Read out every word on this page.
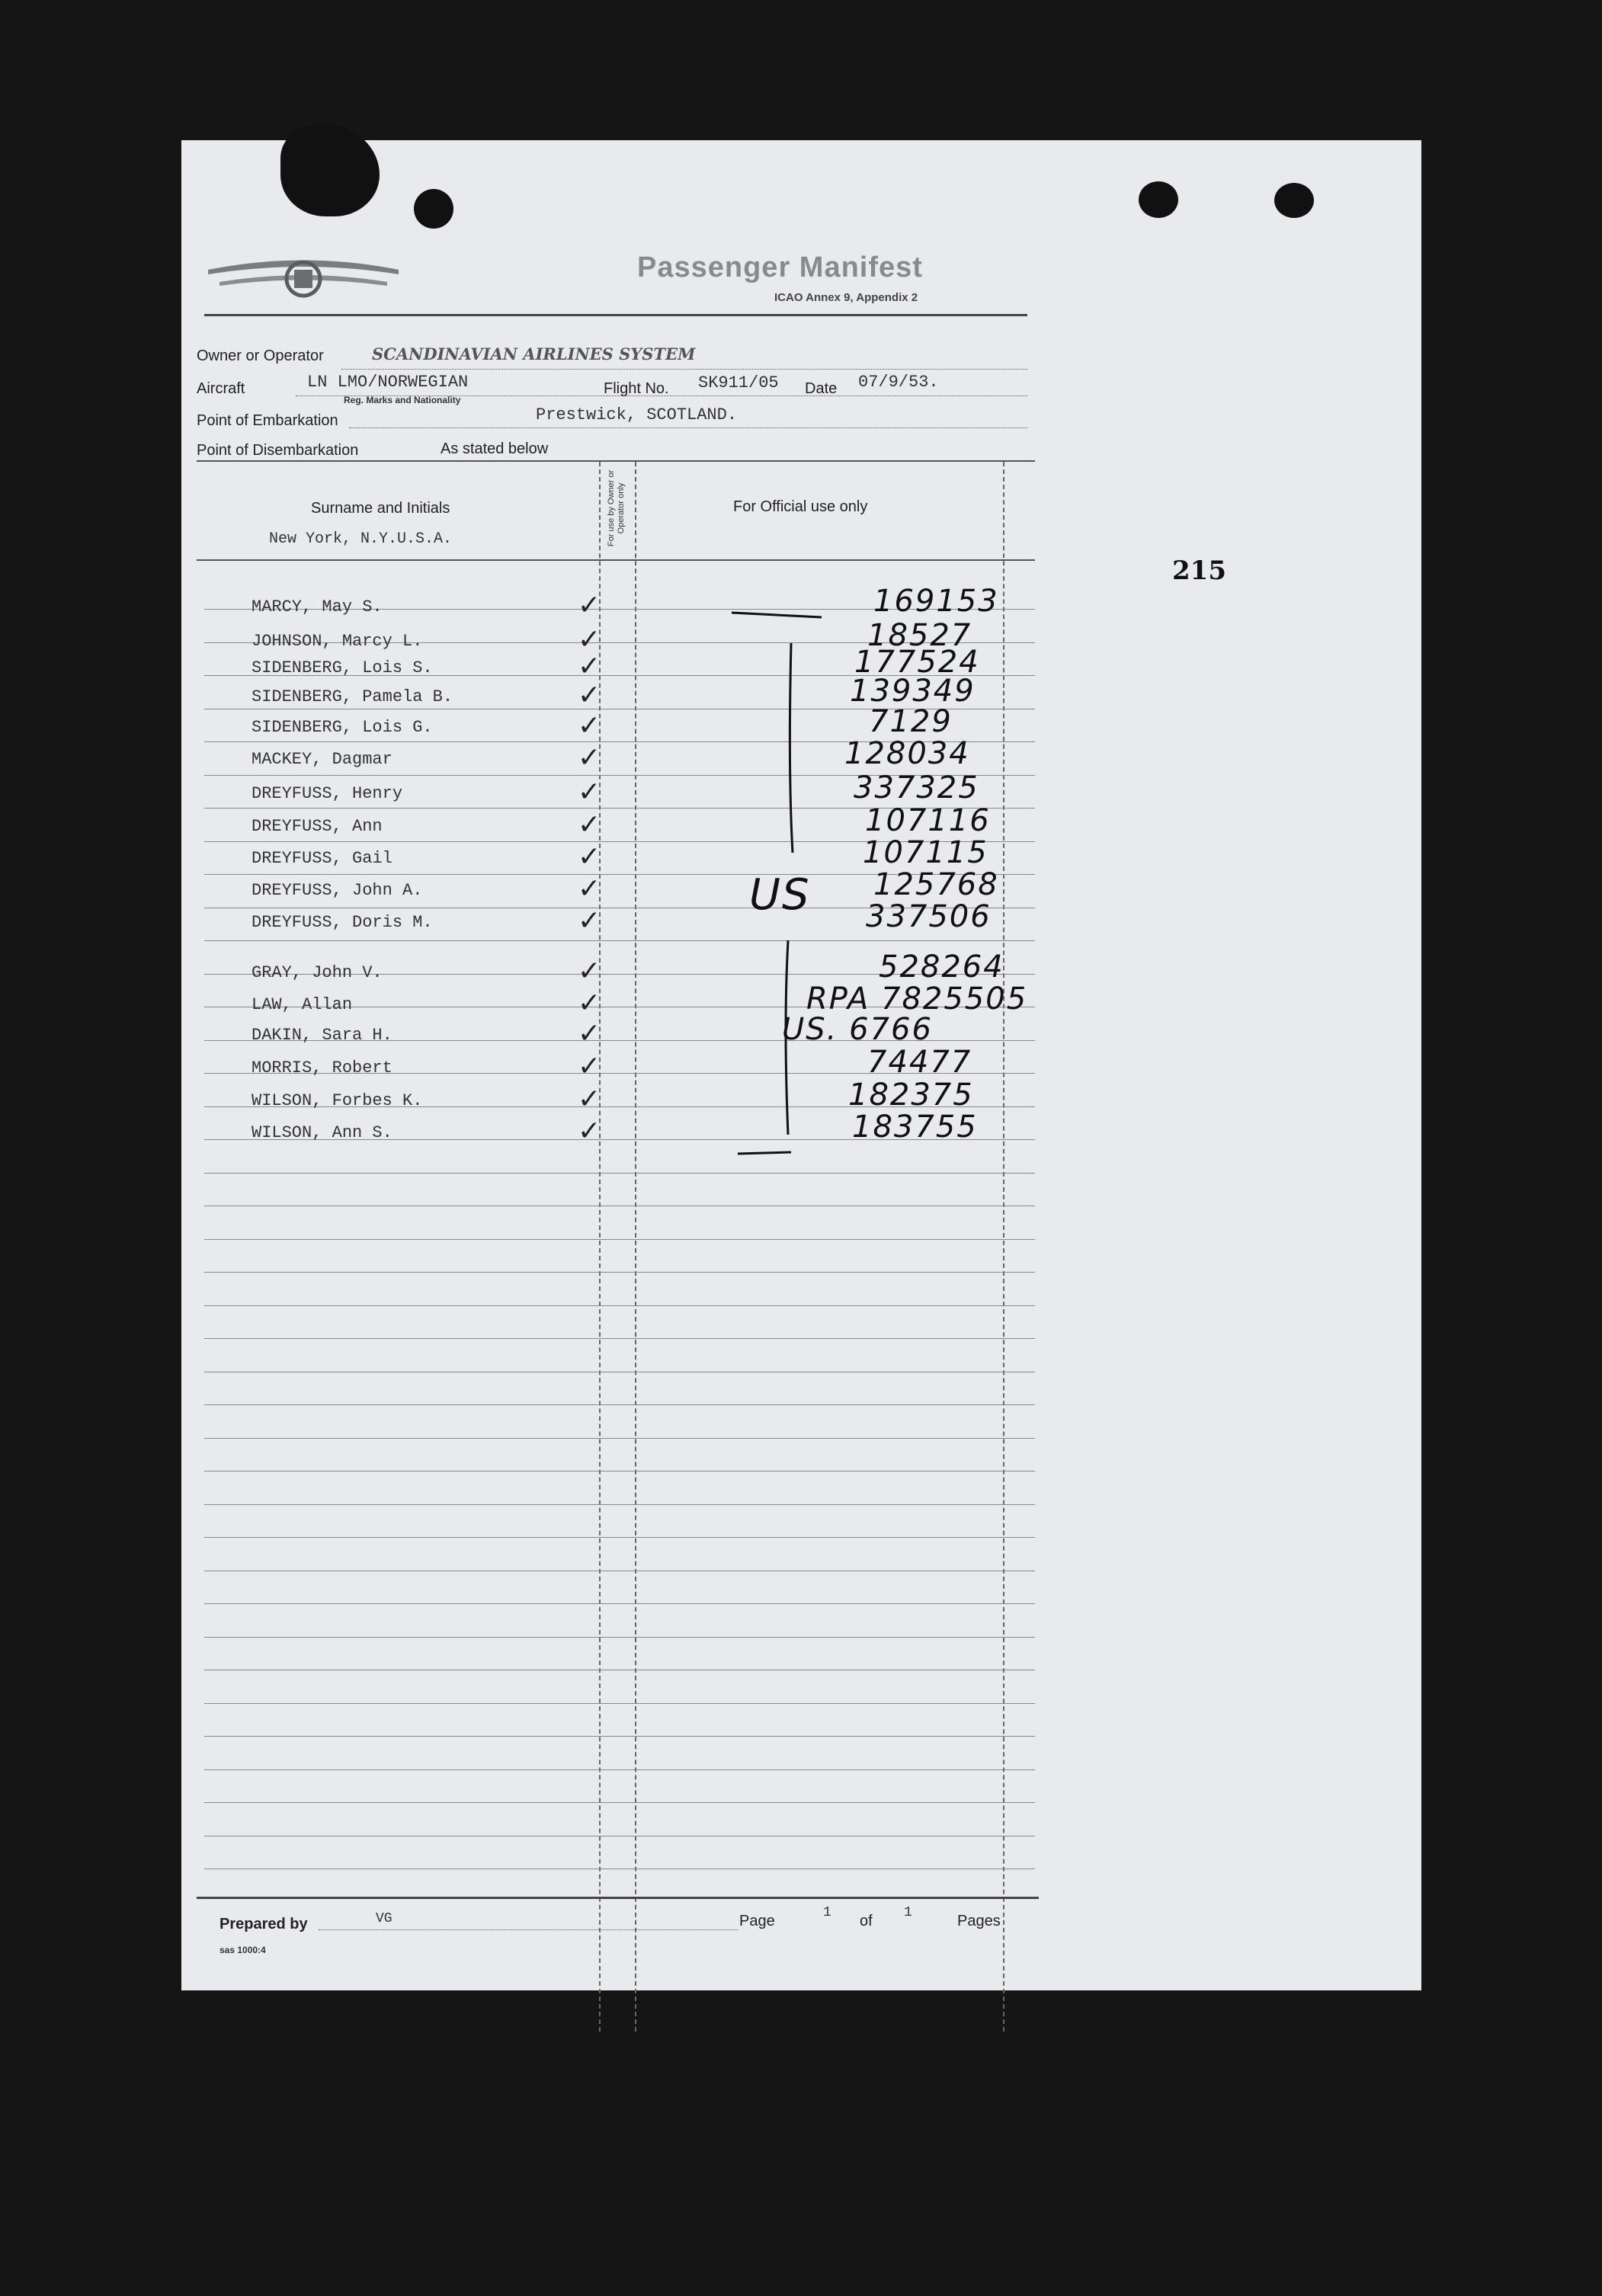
Passenger Manifest
ICAO Annex 9, Appendix 2
Owner or Operator	SCANDINAVIAN AIRLINES SYSTEM
Aircraft	LN LMO/NORWEGIAN
Reg. Marks and Nationality
Flight No. SK911/05 Date 07/9/53.
Point of Embarkation	Prestwick, SCOTLAND.
Point of Disembarkation	As stated below
Surname and Initials
New York, N.Y.U.S.A.	For use by Owner or Operator only	For Official use only
215
MARCY, May S.	✓	169153
JOHNSON, Marcy L.	✓	18527
SIDENBERG, Lois S.	✓	177524
SIDENBERG, Pamela B.	✓	139349
SIDENBERG, Lois G.	✓	7129
MACKEY, Dagmar	✓	128034
DREYFUSS, Henry	✓	337325
DREYFUSS, Ann	✓	107116
DREYFUSS, Gail	✓	107115
DREYFUSS, John A.	✓	125768
DREYFUSS, Doris M.	✓	337506
GRAY, John V.	✓	528264
LAW, Allan	✓	RPA 7825505
DAKIN, Sara H.	✓	US. 6766
MORRIS, Robert	✓	74477
WILSON, Forbes K.	✓	182375
WILSON, Ann S.	✓	183755
US
Prepared by	VG	Page	1 of 1	Pages
sas 1000:4
